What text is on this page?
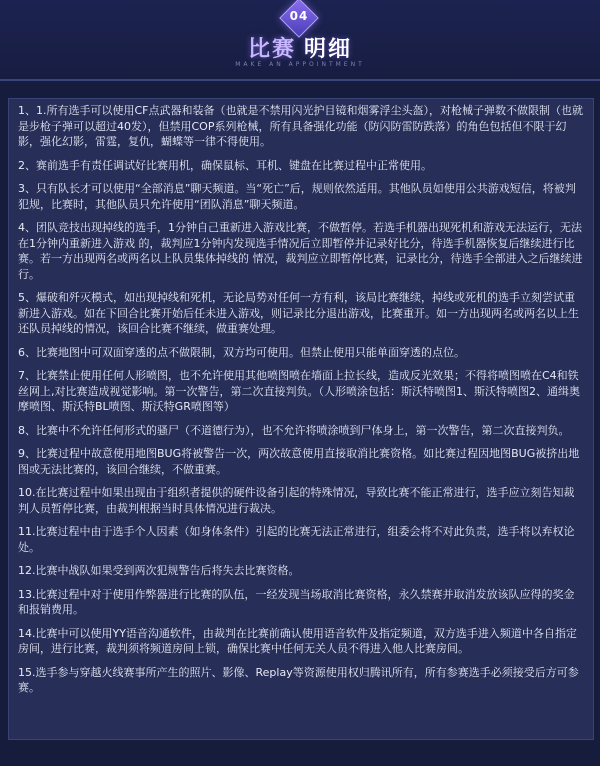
04
比赛 明细
MAKE AN APPOINTMENT
1、1.所有选手可以使用CF点武器和装备（也就是不禁用闪光护目镜和烟雾浮尘头盔），对枪械子弹数不做限制（也就是步枪子弹可以超过40发），但禁用COP系列枪械，所有具备强化功能（防闪防雷防跌落）的角色包括但不限于幻影，强化幻影，雷霆，复仇，蝴蝶等一律不得使用。
2、赛前选手有责任调试好比赛用机，确保鼠标、耳机、键盘在比赛过程中正常使用。
3、只有队长才可以使用“全部消息”聊天频道。当“死亡”后，规则依然适用。其他队员如使用公共游戏短信，将被判犯规，比赛时，其他队员只允许使用“团队消息”聊天频道。
4、团队竞技出现掉线的选手，1分钟自己重新进入游戏比赛，不做暂停。若选手机器出现死机和游戏无法运行，无法在1分钟内重新进入游戏 的，裁判应1分钟内发现选手情况后立即暂停并记录好比分，待选手机器恢复后继续进行比赛。若一方出现两名或两名以上队员集体掉线的 情况，裁判应立即暂停比赛，记录比分，待选手全部进入之后继续进行。
5、爆破和歼灭模式，如出现掉线和死机，无论局势对任何一方有利，该局比赛继续，掉线或死机的选手立刻尝试重新进入游戏。如在下回合比赛开始后任未进入游戏，则记录比分退出游戏，比赛重开。如一方出现两名或两名以上生还队员掉线的情况，该回合比赛不继续，做重赛处理。
6、比赛地图中可双面穿透的点不做限制，双方均可使用。但禁止使用只能单面穿透的点位。
7、比赛禁止使用任何人形喷图，也不允许使用其他喷图喷在墙面上拉长线，造成反光效果；不得将喷图喷在C4和铁丝网上,对比赛造成视觉影响。第一次警告，第二次直接判负。（人形喷涂包括：斯沃特喷图1、斯沃特喷图2、通缉奥摩喷图、斯沃特BL喷图、斯沃特GR喷图等）
8、比赛中不允许任何形式的骚尸（不道德行为），也不允许将喷涂喷到尸体身上，第一次警告，第二次直接判负。
9、比赛过程中故意使用地图BUG将被警告一次，两次故意使用直接取消比赛资格。如比赛过程因地图BUG被挤出地图或无法比赛的，该回合继续，不做重赛。
10.在比赛过程中如果出现由于组织者提供的硬件设备引起的特殊情况，导致比赛不能正常进行，选手应立刻告知裁判人员暂停比赛，由裁判根据当时具体情况进行裁决。
11.比赛过程中由于选手个人因素（如身体条件）引起的比赛无法正常进行，组委会将不对此负责，选手将以弃权论处。
12.比赛中战队如果受到两次犯规警告后将失去比赛资格。
13.比赛过程中对于使用作弊器进行比赛的队伍，一经发现当场取消比赛资格，永久禁赛并取消发放该队应得的奖金和报销费用。
14.比赛中可以使用YY语音沟通软件，由裁判在比赛前确认使用语音软件及指定频道，双方选手进入频道中各自指定房间，进行比赛，裁判须将频道房间上锁，确保比赛中任何无关人员不得进入他人比赛房间。
15.选手参与穿越火线赛事所产生的照片、影像、Replay等资源使用权归腾讯所有，所有参赛选手必须接受后方可参赛。
